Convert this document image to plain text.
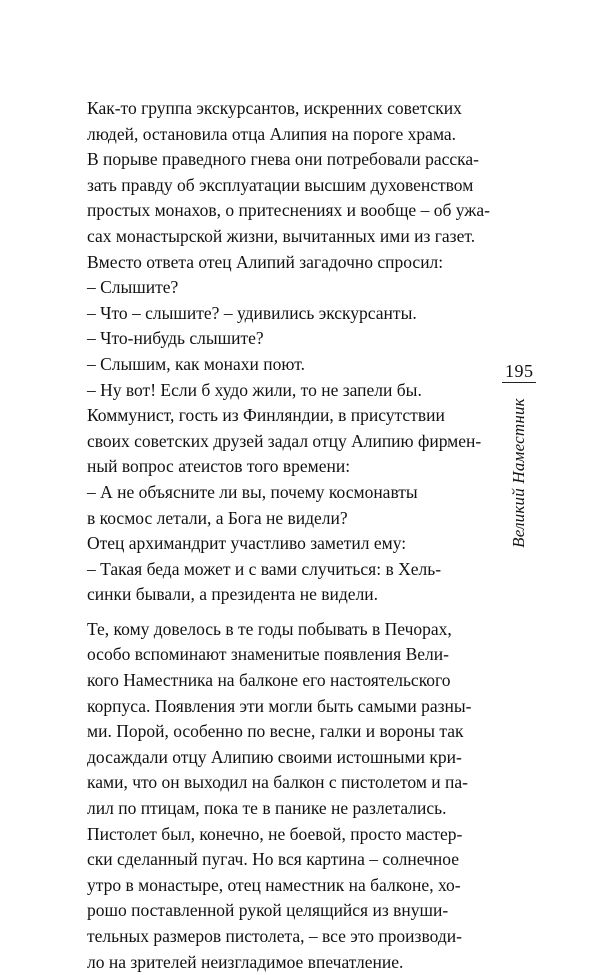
Как-то группа экскурсантов, искренних советских
людей, остановила отца Алипия на пороге храма.
В порыве праведного гнева они потребовали расска-
зать правду об эксплуатации высшим духовенством
простых монахов, о притеснениях и вообще – об ужа-
сах монастырской жизни, вычитанных ими из газет.
Вместо ответа отец Алипий загадочно спросил:

– Слышите?

– Что – слышите? – удивились экскурсанты.

– Что-нибудь слышите?

– Слышим, как монахи поют.

– Ну вот! Если б худо жили, то не запели бы.

Коммунист, гость из Финляндии, в присутствии
своих советских друзей задал отцу Алипию фирмен-
ный вопрос атеистов того времени:

– А не объясните ли вы, почему космонавты
в космос летали, а Бога не видели?

Отец архимандрит участливо заметил ему:

– Такая беда может и с вами случиться: в Хель-
синки бывали, а президента не видели.

Те, кому довелось в те годы побывать в Печорах,
особо вспоминают знаменитые появления Вели-
кого Наместника на балконе его настоятельского
корпуса. Появления эти могли быть самыми разны-
ми. Порой, особенно по весне, галки и вороны так
досаждали отцу Алипию своими истошными кри-
ками, что он выходил на балкон с пистолетом и па-
лил по птицам, пока те в панике не разлетались.
Пистолет был, конечно, не боевой, просто мастер-
ски сделанный пугач. Но вся картина – солнечное
утро в монастыре, отец наместник на балконе, хо-
рошо поставленной рукой целящийся из внуши-
тельных размеров пистолета, – все это производи-
ло на зрителей неизгладимое впечатление.

195
Великий Наместник
